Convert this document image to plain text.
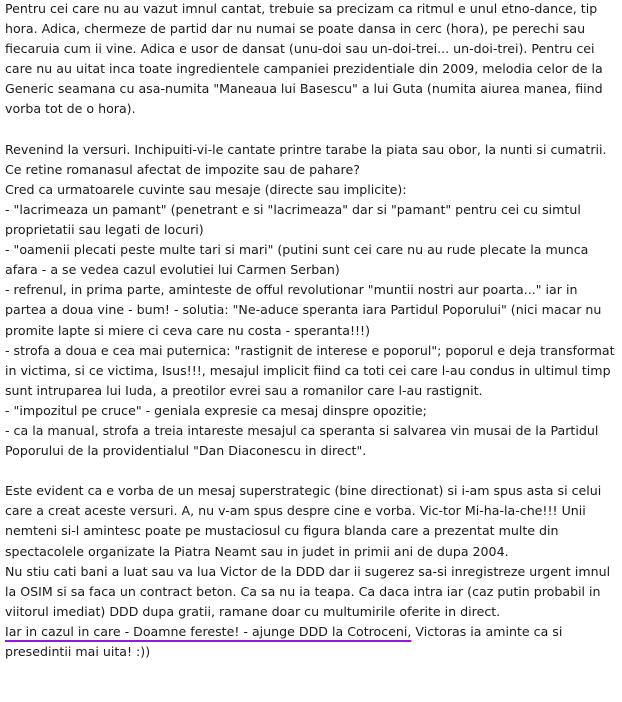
Pentru cei care nu au vazut imnul cantat, trebuie sa precizam ca ritmul e unul etno-dance, tip hora. Adica, chermeze de partid dar nu numai se poate dansa in cerc (hora), pe perechi sau fiecaruia cum ii vine. Adica e usor de dansat (unu-doi sau un-doi-trei... un-doi-trei). Pentru cei care nu au uitat inca toate ingredientele campaniei prezidentiale din 2009, melodia celor de la Generic seamana cu asa-numita "Maneaua lui Basescu" a lui Guta (numita aiurea manea, fiind vorba tot de o hora).

Revenind la versuri. Inchipuiti-vi-le cantate printre tarabe la piata sau obor, la nunti si cumatrii. Ce retine romanasul afectat de impozite sau de pahare?

Cred ca urmatoarele cuvinte sau mesaje (directe sau implicite):

- "lacrimeaza un pamant" (penetrant e si "lacrimeaza" dar si "pamant" pentru cei cu simtul proprietatii sau legati de locuri)

- "oamenii plecati peste multe tari si mari" (putini sunt cei care nu au rude plecate la munca afara - a se vedea cazul evolutiei lui Carmen Serban)

- refrenul, in prima parte, aminteste de offul revolutionar "muntii nostri aur poarta..." iar in partea a doua vine - bum! - solutia: "Ne-aduce speranta iara Partidul Poporului" (nici macar nu promite lapte si miere ci ceva care nu costa - speranta!!!)

- strofa a doua e cea mai puternica: "rastignit de interese e poporul"; poporul e deja transformat in victima, si ce victima, Isus!!!, mesajul implicit fiind ca toti cei care l-au condus in ultimul timp sunt intruparea lui Iuda, a preotilor evrei sau a romanilor care l-au rastignit.

- "impozitul pe cruce" - geniala expresie ca mesaj dinspre opozitie;

- ca la manual, strofa a treia intareste mesajul ca speranta si salvarea vin musai de la Partidul Poporului de la providentialul "Dan Diaconescu in direct".

Este evident ca e vorba de un mesaj superstrategic (bine directionat) si i-am spus asta si celui care a creat aceste versuri. A, nu v-am spus despre cine e vorba. Vic-tor Mi-ha-la-che!!! Unii nemteni si-l amintesc poate pe mustaciosul cu figura blanda care a prezentat multe din spectacolele organizate la Piatra Neamt sau in judet in primii ani de dupa 2004.

Nu stiu cati bani a luat sau va lua Victor de la DDD dar ii sugerez sa-si inregistreze urgent imnul la OSIM si sa faca un contract beton. Ca sa nu ia teapa. Ca daca intra iar (caz putin probabil in viitorul imediat) DDD dupa gratii, ramane doar cu multumirile oferite in direct.

Iar in cazul in care - Doamne fereste! - ajunge DDD la Cotroceni, Victoras ia aminte ca si presedintii mai uita! :))
